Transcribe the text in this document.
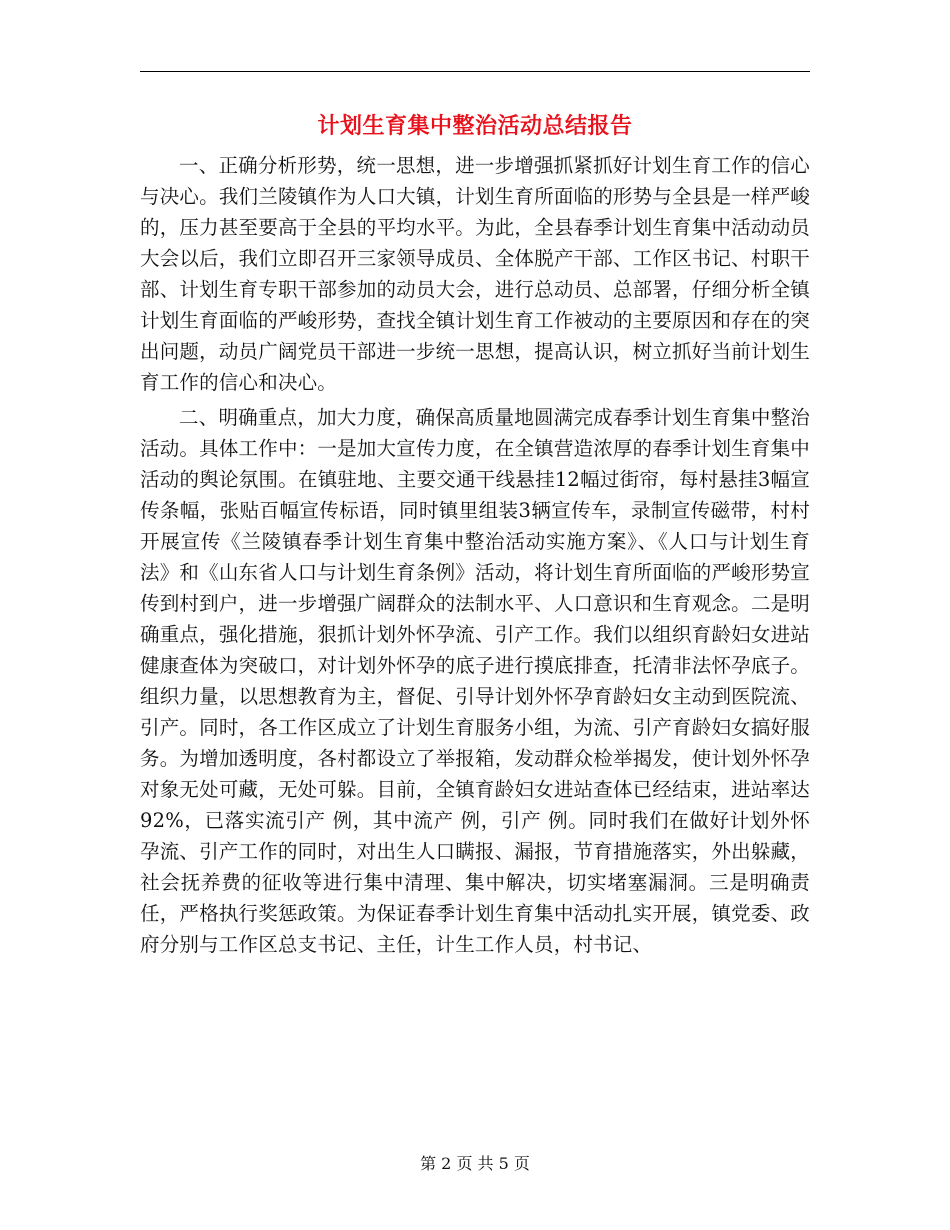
计划生育集中整治活动总结报告

一、正确分析形势，统一思想，进一步增强抓紧抓好计划生育工作的信心与决心。我们兰陵镇作为人口大镇，计划生育所面临的形势与全县是一样严峻的，压力甚至要高于全县的平均水平。为此，全县春季计划生育集中活动动员大会以后，我们立即召开三家领导成员、全体脱产干部、工作区书记、村职干部、计划生育专职干部参加的动员大会，进行总动员、总部署，仔细分析全镇计划生育面临的严峻形势，查找全镇计划生育工作被动的主要原因和存在的突出问题，动员广阔党员干部进一步统一思想，提高认识，树立抓好当前计划生育工作的信心和决心。

二、明确重点，加大力度，确保高质量地圆满完成春季计划生育集中整治活动。具体工作中：一是加大宣传力度，在全镇营造浓厚的春季计划生育集中活动的舆论氛围。在镇驻地、主要交通干线悬挂12幅过街帘，每村悬挂3幅宣传条幅，张贴百幅宣传标语，同时镇里组装3辆宣传车，录制宣传磁带，村村开展宣传《兰陵镇春季计划生育集中整治活动实施方案》、《人口与计划生育法》和《山东省人口与计划生育条例》活动，将计划生育所面临的严峻形势宣传到村到户，进一步增强广阔群众的法制水平、人口意识和生育观念。二是明确重点，强化措施，狠抓计划外怀孕流、引产工作。我们以组织育龄妇女进站健康查体为突破口，对计划外怀孕的底子进行摸底排查，托清非法怀孕底子。组织力量，以思想教育为主，督促、引导计划外怀孕育龄妇女主动到医院流、引产。同时，各工作区成立了计划生育服务小组，为流、引产育龄妇女搞好服务。为增加透明度，各村都设立了举报箱，发动群众检举揭发，使计划外怀孕对象无处可藏，无处可躲。目前，全镇育龄妇女进站查体已经结束，进站率达92%，已落实流引产 例，其中流产 例，引产 例。同时我们在做好计划外怀孕流、引产工作的同时，对出生人口瞒报、漏报，节育措施落实，外出躲藏，社会抚养费的征收等进行集中清理、集中解决，切实堵塞漏洞。三是明确责任，严格执行奖惩政策。为保证春季计划生育集中活动扎实开展，镇党委、政府分别与工作区总支书记、主任，计生工作人员，村书记、

第 2 页 共 5 页
